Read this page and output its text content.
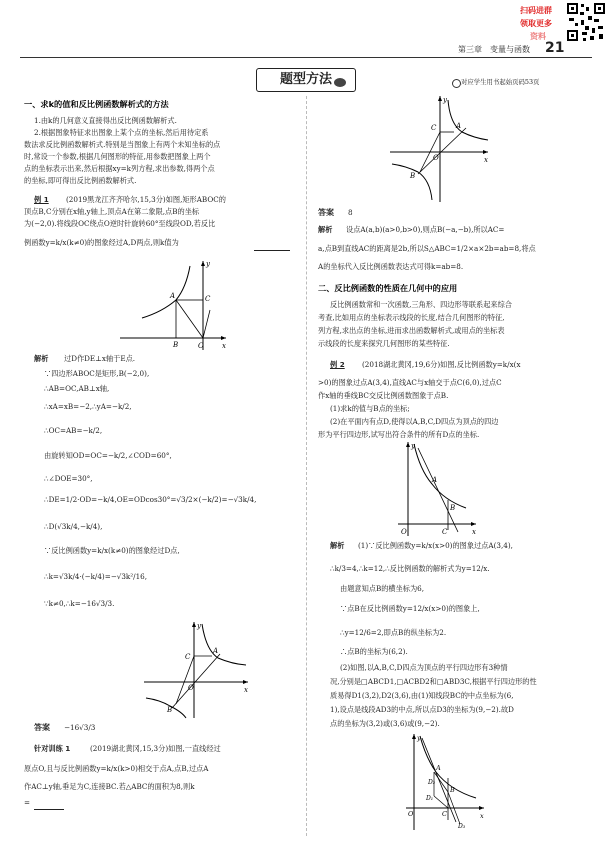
扫码进群
领取更多
资料
第三章　变量与函数 21
题型方法	对应学生用书起始页码53页
一、求k的值和反比例函数解析式的方法
1.由k的几何意义直接得出反比例函数解析式.
2.根据图象特征求出图象上某个点的坐标,然后用待定系
数法求反比例函数解析式.特别是当图象上有两个未知坐标的点
时,常设一个参数,根据几何图形的特征,用参数把图象上两个
点的坐标表示出来,然后根据xy=k列方程,求出参数,得两个点
的坐标,即可得出反比例函数解析式.
例 1 (2019黑龙江齐齐哈尔,15,3分)如图,矩形ABOC的
顶点B,C分别在x轴,y轴上,顶点A在第二象限,点B的坐标
为(−2,0).将线段OC绕点O逆时针旋转60°至线段OD,若反比
例函数y=k/x(k≠0)的图象经过A,D两点,则k值为
A	C
B	O	x
y
解析 过D作DE⊥x轴于E点.
∵四边形ABOC是矩形,B(−2,0),
∴AB=OC,AB⊥x轴,
∴xA=xB=−2,∴yA=−k/2,
∴OC=AB=−k/2,
由旋转知OD=OC=−k/2,∠COD=60°,
∴∠DOE=30°,
∴DE=1/2·OD=−k/4,OE=ODcos30°=√3/2×(−k/2)=−√3k/4,
∴D(√3k/4,−k/4),
∵反比例函数y=k/x(k≠0)的图象经过D点,
∴k=√3k/4·(−k/4)=−√3k²/16,
∵k≠0,∴k=−16√3/3.
C
A
O
B
x
y
答案 −16√3/3
针对训练 1	(2019湖北黄冈,15,3分)如图,一直线经过
原点O,且与反比例函数y=k/x(k>0)相交于点A,点B,过点A
作AC⊥y轴,垂足为C,连接BC.若△ABC的面积为8,则k
=
C	A
O
B
x
y
答案 8
解析 设点A(a,b)(a>0,b>0),则点B(−a,−b),所以AC=
a,点B到直线AC的距离是2b,所以S△ABC=1/2×a×2b=ab=8,将点
A的坐标代入反比例函数表达式可得k=ab=8.
二、反比例函数的性质在几何中的应用
反比例函数常和一次函数,三角形、四边形等联系起来综合
考查,比如用点的坐标表示线段的长度,结合几何图形的特征,
列方程,求出点的坐标,进而求出函数解析式,或用点的坐标表
示线段的长度来探究几何图形的某些特征.
例 2 (2018湖北黄冈,19,6分)如图,反比例函数y=k/x(x
>0)的图象过点A(3,4),直线AC与x轴交于点C(6,0),过点C
作x轴的垂线BC交反比例函数图象于点B.
(1)求k的值与B点的坐标;
(2)在平面内有点D,使得以A,B,C,D四点为顶点的四边
形为平行四边形,试写出符合条件的所有D点的坐标.
A
B
C
O	x
y
解析 (1)∵反比例函数y=k/x(x>0)的图象过点A(3,4),
∴k/3=4,∴k=12,∴反比例函数的解析式为y=12/x.
由题意知点B的横坐标为6,
∵点B在反比例函数y=12/x(x>0)的图象上,
∴y=12/6=2,即点B的纵坐标为2.
∴点B的坐标为(6,2).
(2)如图,以A,B,C,D四点为顶点的平行四边形有3种情
况,分别是□ABCD1,□ACBD2和□ABD3C,根据平行四边形的性
质易得D1(3,2),D2(3,6),由(1)知线段BC的中点坐标为(6,
1),设点是线段AD3的中点,所以点D3的坐标为(9,−2).故D
点的坐标为(3,2)或(3,6)或(9,−2).
A
B
C
D₂
D₁
D₃
O	x
y
